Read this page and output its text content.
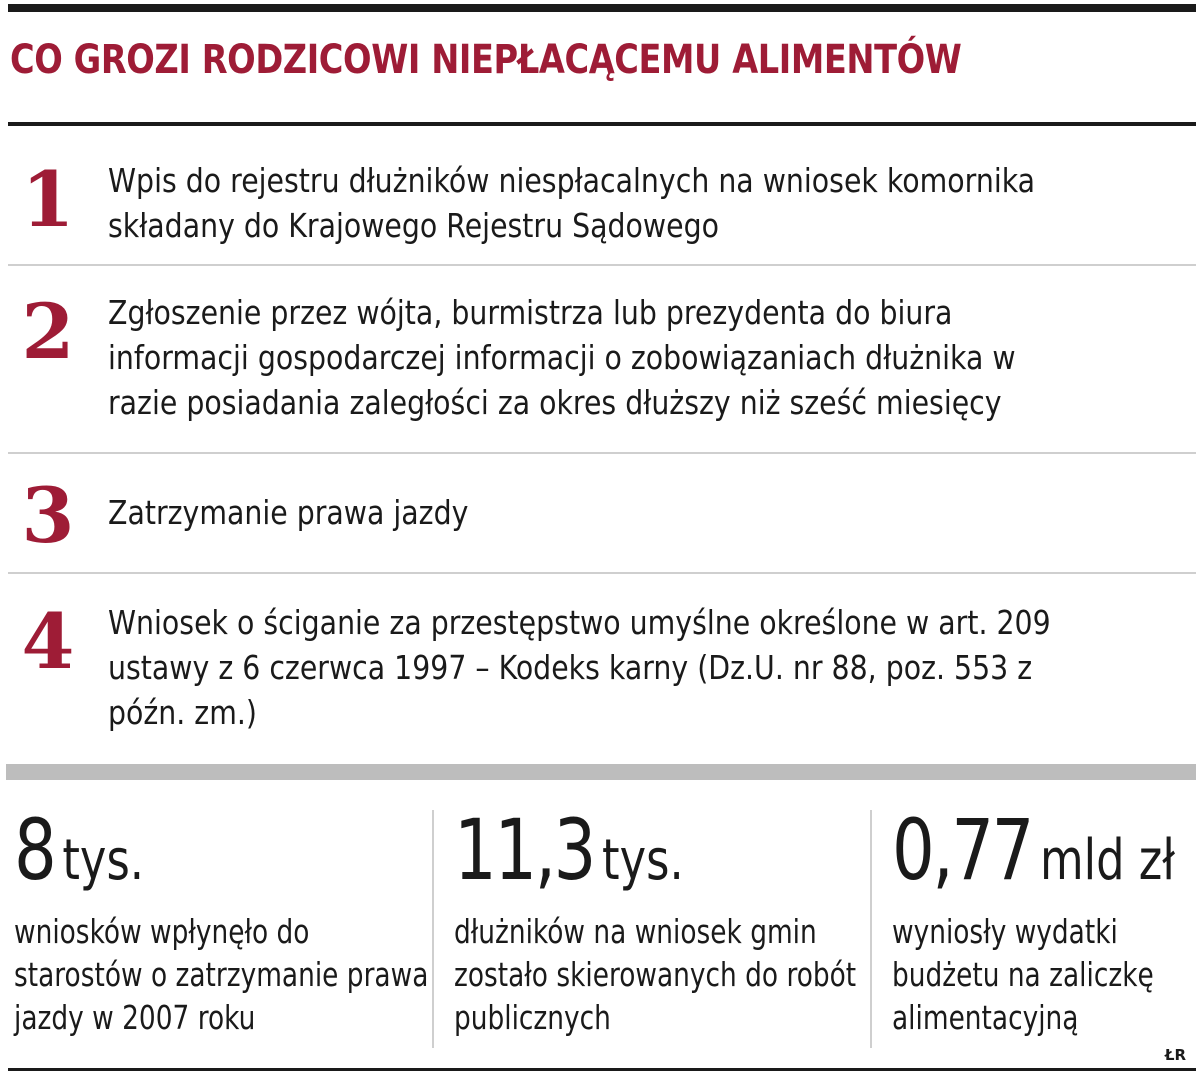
CO GROZI RODZICOWI NIEPŁACĄCEMU ALIMENTÓW
1	Wpis do rejestru dłużników niespłacalnych na wniosek komornika składany do Krajowego Rejestru Sądowego
2	Zgłoszenie przez wójta, burmistrza lub prezydenta do biura informacji gospodarczej informacji o zobowiązaniach dłużnika w razie posiadania zaległości za okres dłuższy niż sześć miesięcy
3	Zatrzymanie prawa jazdy
4	Wniosek o ściganie za przestępstwo umyślne określone w art. 209 ustawy z 6 czerwca 1997 – Kodeks karny (Dz.U. nr 88, poz. 553 z późn. zm.)
8 tys.
wniosków wpłynęło do starostów o zatrzymanie prawa jazdy w 2007 roku
11,3 tys.
dłużników na wniosek gmin zostało skierowanych do robót publicznych
0,77 mld zł
wyniosły wydatki budżetu na zaliczkę alimentacyjną
ŁR
